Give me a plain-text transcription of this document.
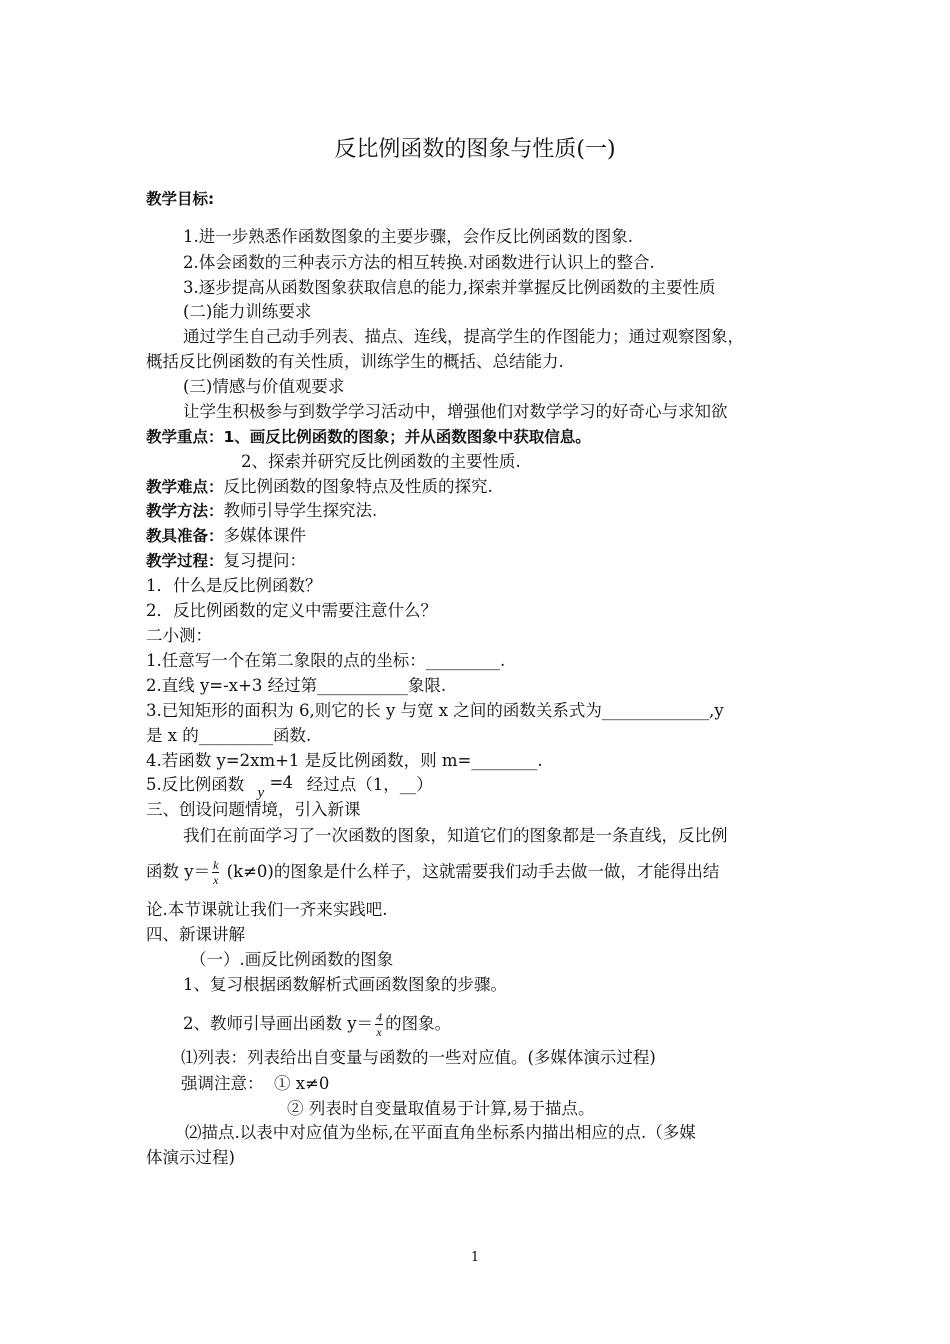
反比例函数的图象与性质(一)
教学目标:
1.进一步熟悉作函数图象的主要步骤，会作反比例函数的图象.
2.体会函数的三种表示方法的相互转换.对函数进行认识上的整合.
3.逐步提高从函数图象获取信息的能力,探索并掌握反比例函数的主要性质
(二)能力训练要求
通过学生自己动手列表、描点、连线，提高学生的作图能力；通过观察图象，
概括反比例函数的有关性质，训练学生的概括、总结能力.
(三)情感与价值观要求
让学生积极参与到数学学习活动中，增强他们对数学学习的好奇心与求知欲
教学重点：1、画反比例函数的图象；并从函数图象中获取信息。
2、探索并研究反比例函数的主要性质.
教学难点：反比例函数的图象特点及性质的探究.
教学方法：教师引导学生探究法.
教具准备：多媒体课件
教学过程：复习提问：
1．什么是反比例函数？
2．反比例函数的定义中需要注意什么？
二小测：
1.任意写一个在第二象限的点的坐标：_________.
2.直线 y=-x+3 经过第___________象限.
3.已知矩形的面积为 6,则它的长 y 与宽 x 之间的函数关系式为_____________,y
是 x 的_________函数.
4.若函数 y=2xm+1 是反比例函数，则 m=________.
5.反比例函数 y
= 4 经过点（1，__）
三、创设问题情境，引入新课
我们在前面学习了一次函数的图象，知道它们的图象都是一条直线，反比例
函数 $y= \frac{k}{x} (k\ne 0)$的图象是什么样子，这就需要我们动手去做一做，才能得出结
论.本节课就让我们一齐来实践吧.
四、新课讲解
（一）.画反比例函数的图象
1、复习根据函数解析式画函数图象的步骤。
2、教师引导画出函数 $y= \frac{4}{x}$ 的图象。
⑴列表：列表给出自变量与函数的一些对应值。(多媒体演示过程)
强调注意： ① x≠0
② 列表时自变量取值易于计算,易于描点。
⑵描点.以表中对应值为坐标,在平面直角坐标系内描出相应的点.（多媒
体演示过程)
1
